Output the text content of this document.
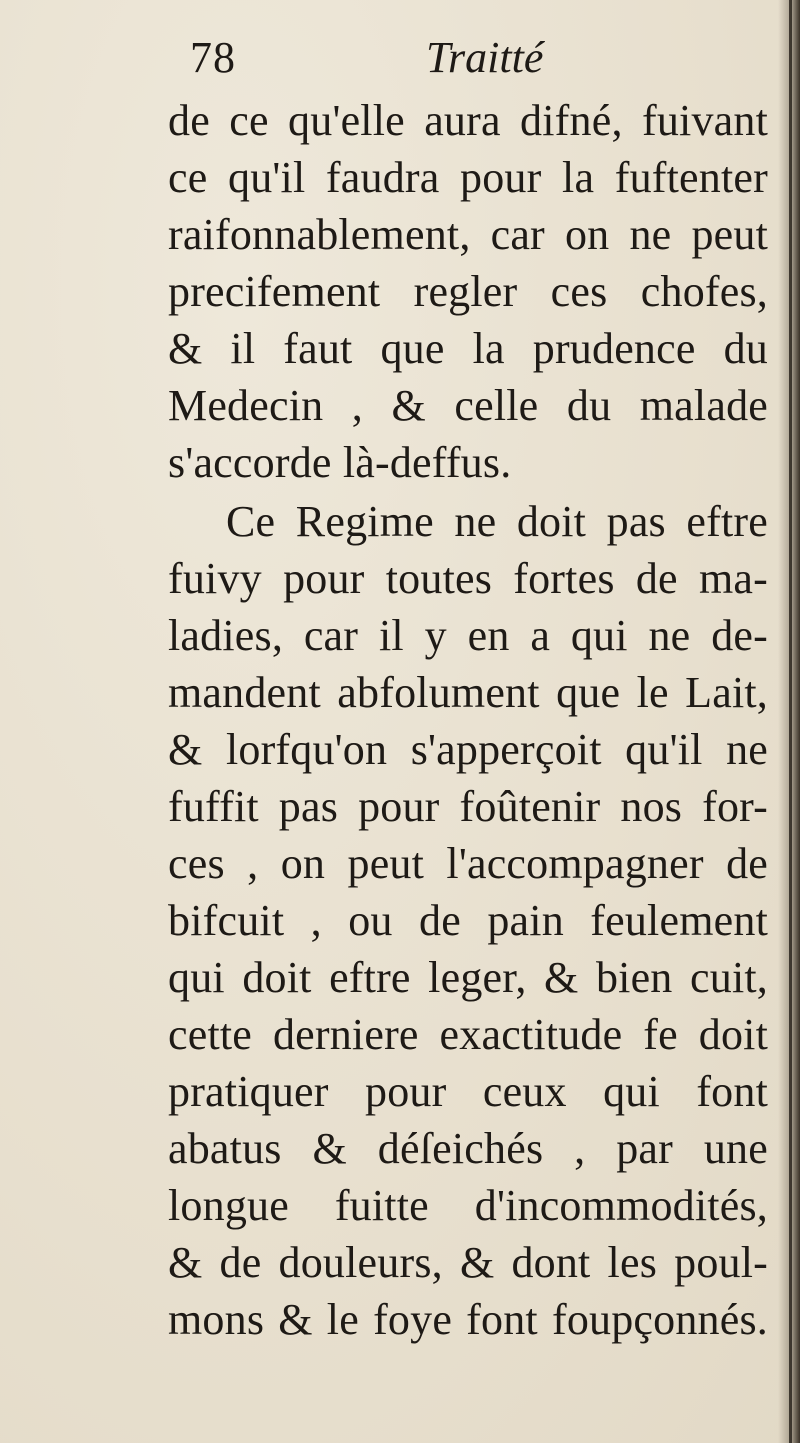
78	Traitté
de ce qu'elle aura difné, fuivant
ce qu'il faudra pour la fuftenter
raifonnablement, car on ne peut
precifement regler ces chofes,
& il faut que la prudence du
Medecin , & celle du malade
s'accorde là-deffus.
Ce Regime ne doit pas eftre
fuivy pour toutes fortes de ma-
ladies, car il y en a qui ne de-
mandent abfolument que le Lait,
& lorfqu'on s'apperçoit qu'il ne
fuffit pas pour foûtenir nos for-
ces , on peut l'accompagner de
bifcuit , ou de pain feulement
qui doit eftre leger, & bien cuit,
cette derniere exactitude fe doit
pratiquer pour ceux qui font
abatus & déſeichés , par une
longue fuitte d'incommodités,
& de douleurs, & dont les poul-
mons & le foye font foupçonnés.
